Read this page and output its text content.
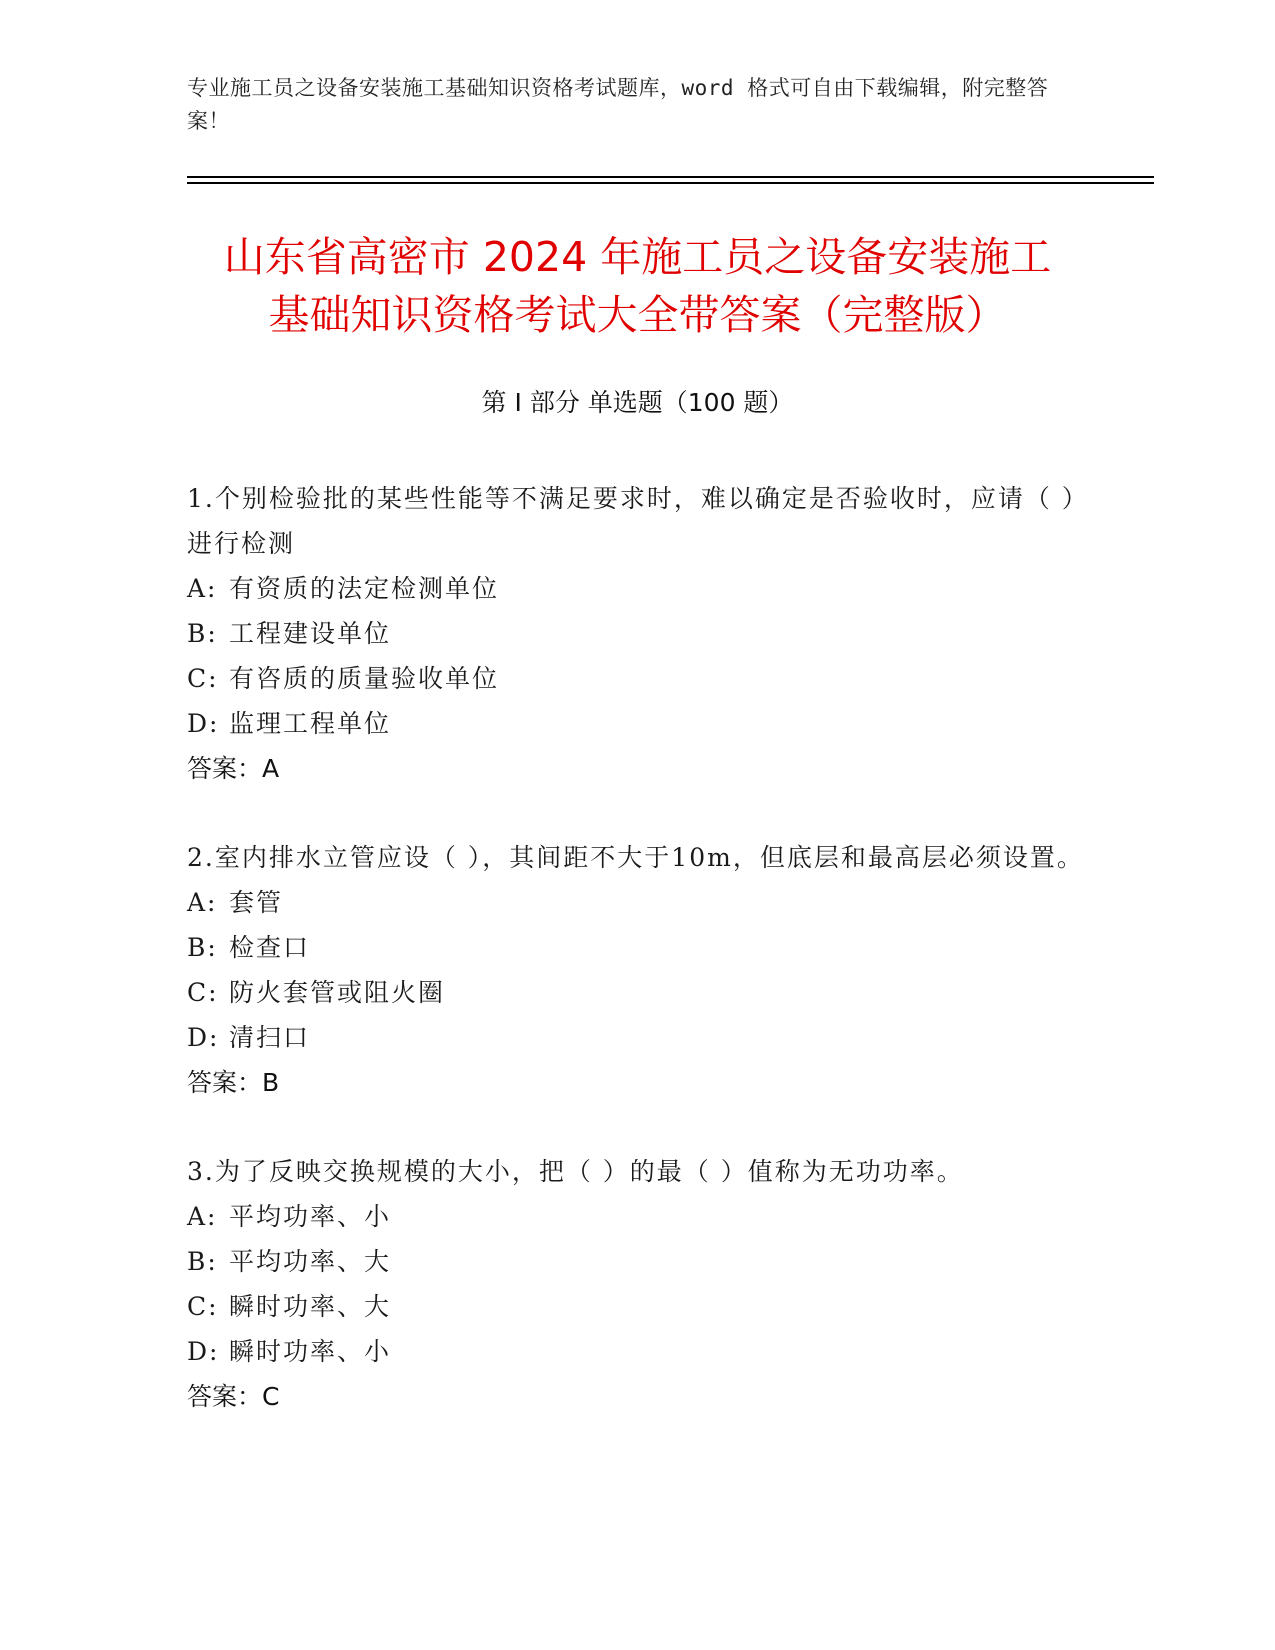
专业施工员之设备安装施工基础知识资格考试题库，word 格式可自由下载编辑，附完整答案！
山东省高密市 2024 年施工员之设备安装施工
基础知识资格考试大全带答案（完整版）
第 I 部分 单选题（100 题）
1.个别检验批的某些性能等不满足要求时，难以确定是否验收时，应请（ ）进行检测
A: 有资质的法定检测单位
B: 工程建设单位
C: 有咨质的质量验收单位
D: 监理工程单位
答案：A
2.室内排水立管应设（ ），其间距不大于10m，但底层和最高层必须设置。
A: 套管
B: 检查口
C: 防火套管或阻火圈
D: 清扫口
答案：B
3.为了反映交换规模的大小，把（ ）的最（ ）值称为无功功率。
A: 平均功率、小
B: 平均功率、大
C: 瞬时功率、大
D: 瞬时功率、小
答案：C
